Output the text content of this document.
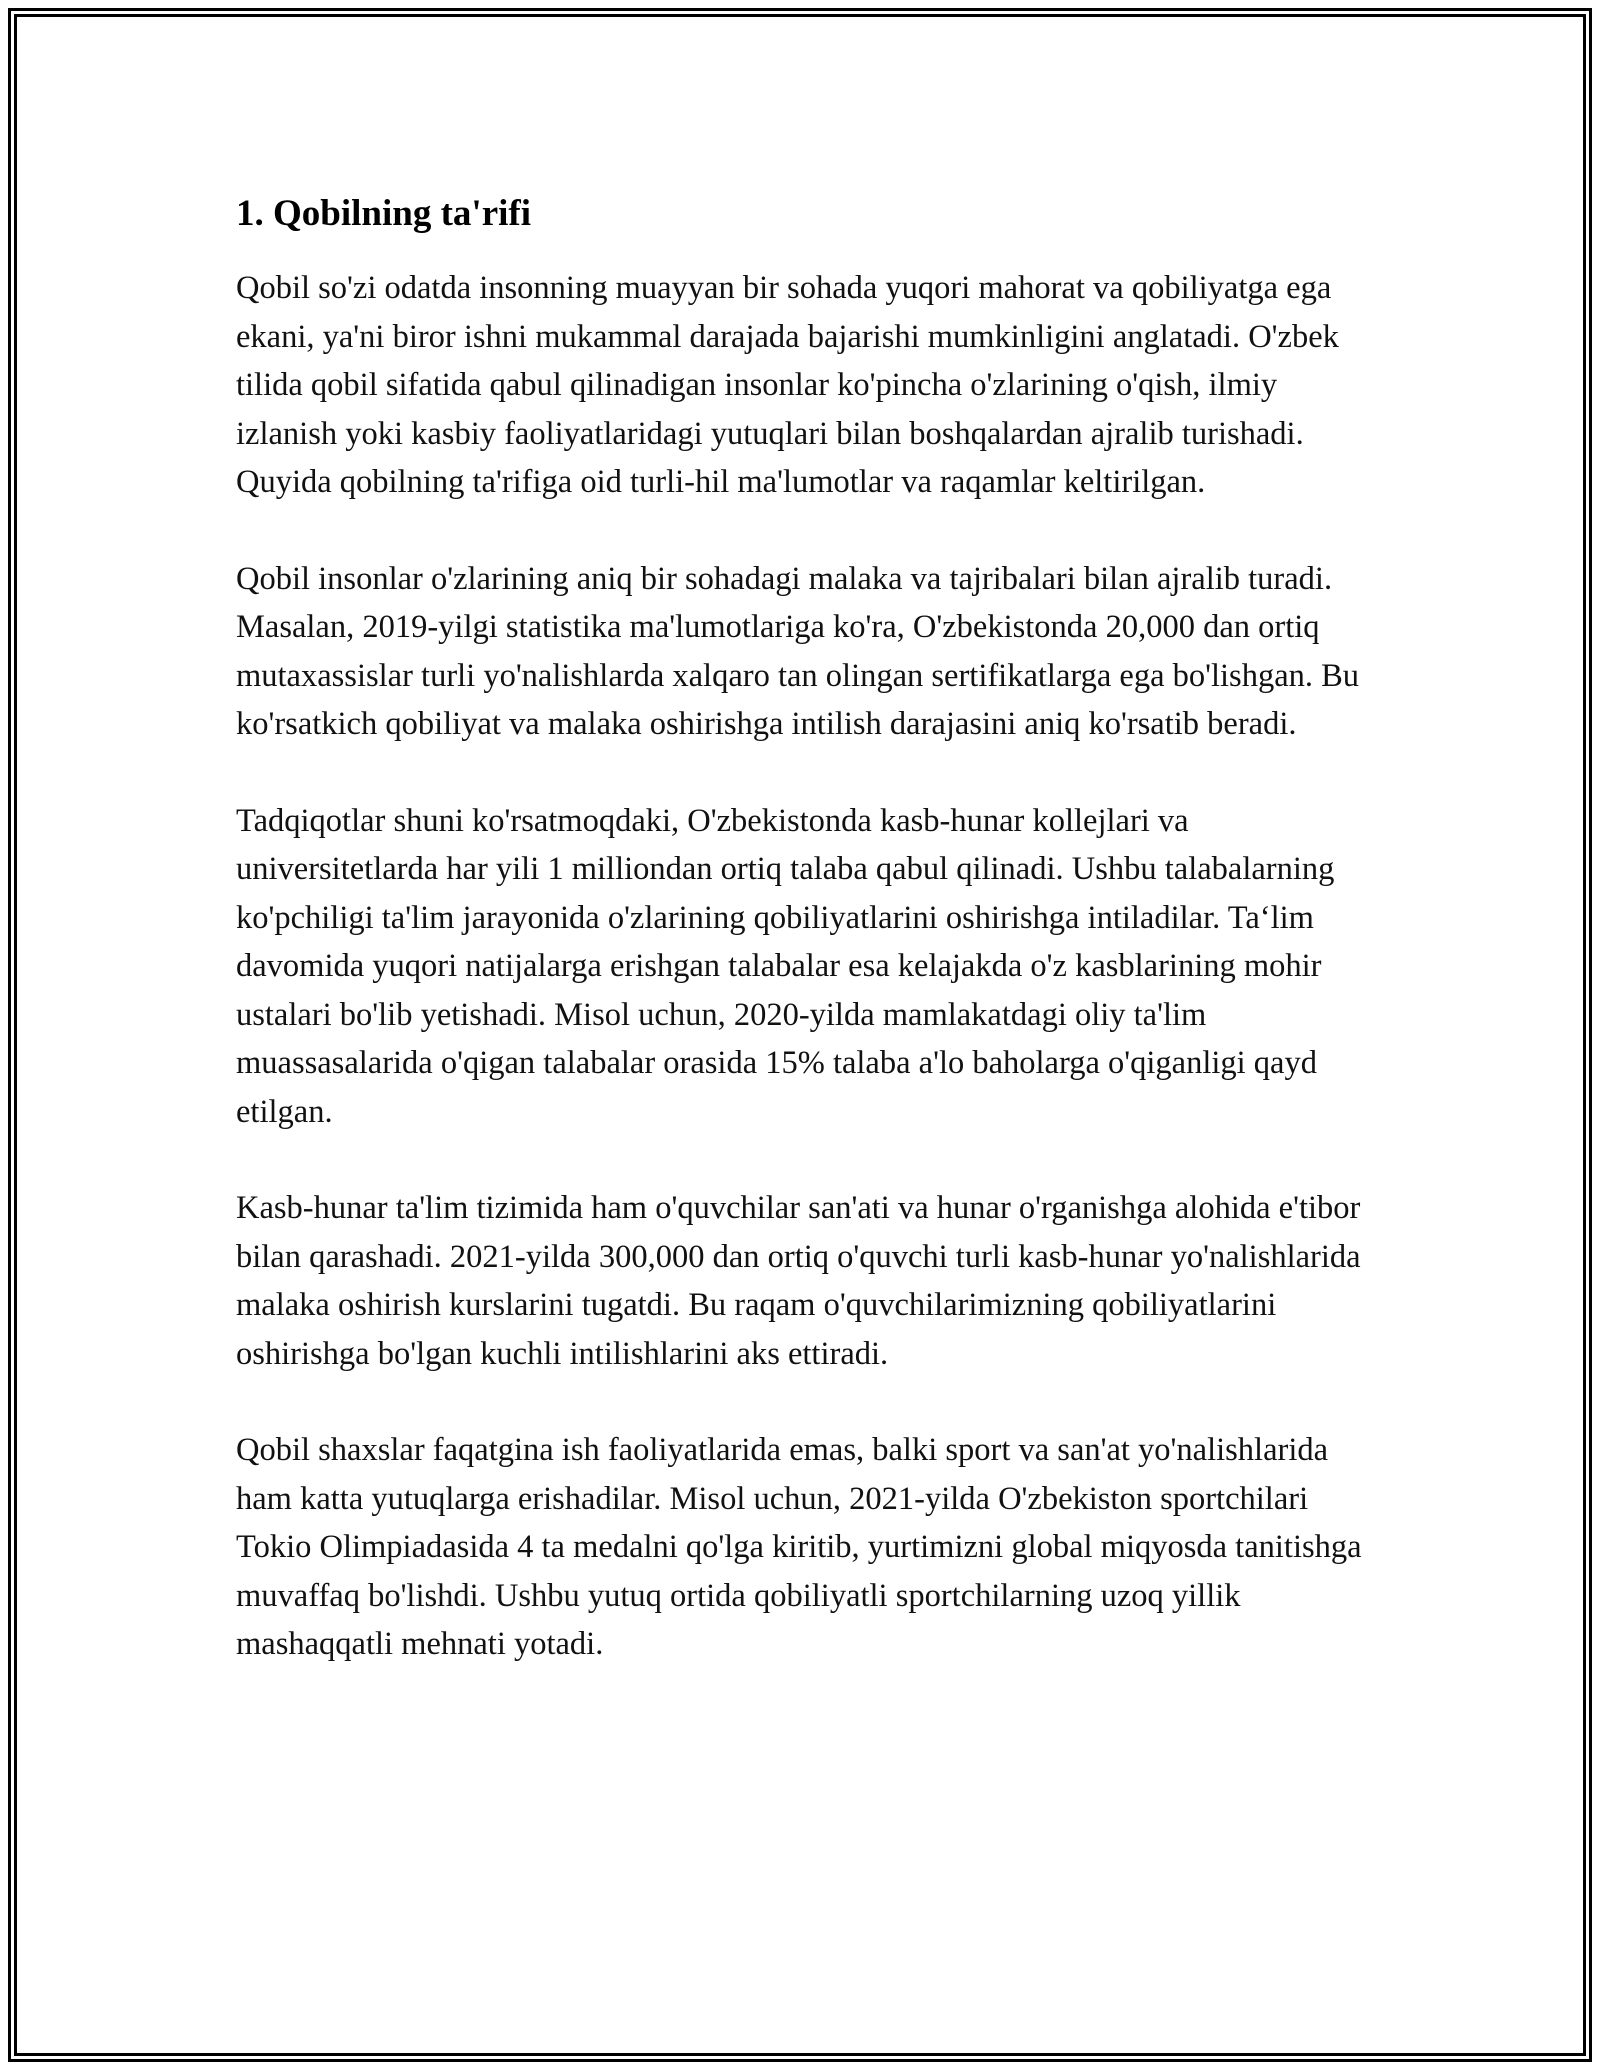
1. Qobilning ta'rifi

Qobil so'zi odatda insonning muayyan bir sohada yuqori mahorat va qobiliyatga ega ekani, ya'ni biror ishni mukammal darajada bajarishi mumkinligini anglatadi. O'zbek tilida qobil sifatida qabul qilinadigan insonlar ko'pincha o'zlarining o'qish, ilmiy izlanish yoki kasbiy faoliyatlaridagi yutuqlari bilan boshqalardan ajralib turishadi. Quyida qobilning ta'rifiga oid turli-hil ma'lumotlar va raqamlar keltirilgan.

Qobil insonlar o'zlarining aniq bir sohadagi malaka va tajribalari bilan ajralib turadi. Masalan, 2019-yilgi statistika ma'lumotlariga ko'ra, O'zbekistonda 20,000 dan ortiq mutaxassislar turli yo'nalishlarda xalqaro tan olingan sertifikatlarga ega bo'lishgan. Bu ko'rsatkich qobiliyat va malaka oshirishga intilish darajasini aniq ko'rsatib beradi.

Tadqiqotlar shuni ko'rsatmoqdaki, O'zbekistonda kasb-hunar kollejlari va universitetlarda har yili 1 milliondan ortiq talaba qabul qilinadi. Ushbu talabalarning ko'pchiligi ta'lim jarayonida o'zlarining qobiliyatlarini oshirishga intiladilar. Ta‘lim davomida yuqori natijalarga erishgan talabalar esa kelajakda o'z kasblarining mohir ustalari bo'lib yetishadi. Misol uchun, 2020-yilda mamlakatdagi oliy ta'lim muassasalarida o'qigan talabalar orasida 15% talaba a'lo baholarga o'qiganligi qayd etilgan.

Kasb-hunar ta'lim tizimida ham o'quvchilar san'ati va hunar o'rganishga alohida e'tibor bilan qarashadi. 2021-yilda 300,000 dan ortiq o'quvchi turli kasb-hunar yo'nalishlarida malaka oshirish kurslarini tugatdi. Bu raqam o'quvchilarimizning qobiliyatlarini oshirishga bo'lgan kuchli intilishlarini aks ettiradi.

Qobil shaxslar faqatgina ish faoliyatlarida emas, balki sport va san'at yo'nalishlarida ham katta yutuqlarga erishadilar. Misol uchun, 2021-yilda O'zbekiston sportchilari Tokio Olimpiadasida 4 ta medalni qo'lga kiritib, yurtimizni global miqyosda tanitishga muvaffaq bo'lishdi. Ushbu yutuq ortida qobiliyatli sportchilarning uzoq yillik mashaqqatli mehnati yotadi.
